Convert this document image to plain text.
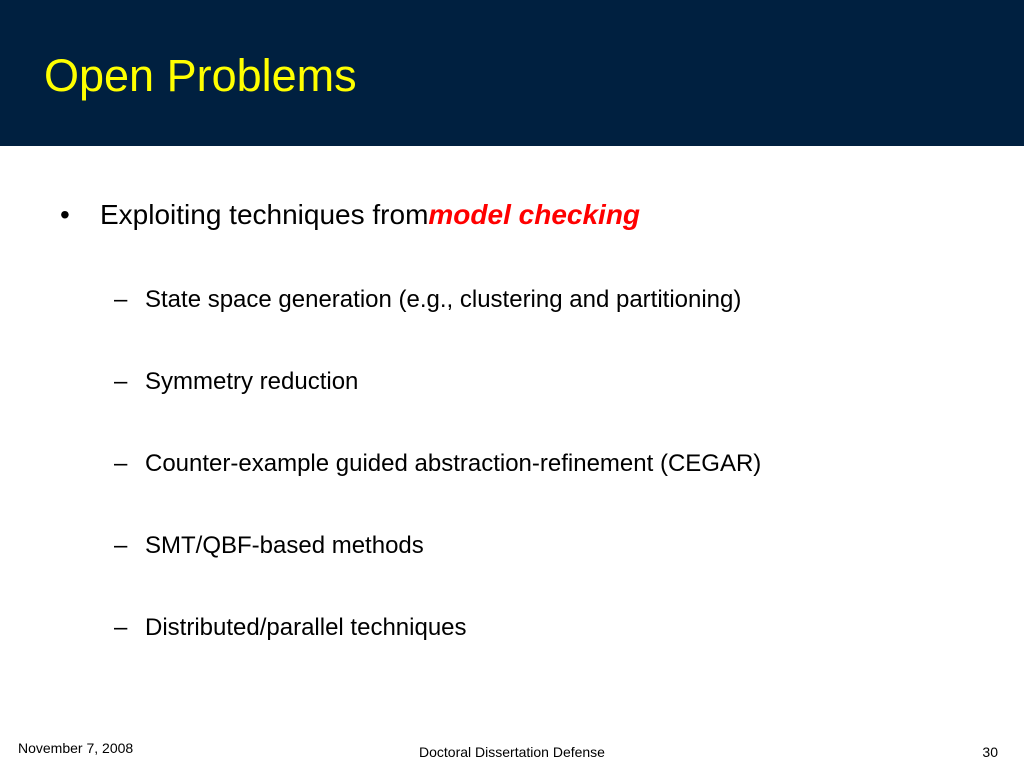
Open Problems
•	Exploiting techniques from model checking
– State space generation (e.g., clustering and partitioning)
– Symmetry reduction
– Counter-example guided abstraction-refinement (CEGAR)
– SMT/QBF-based methods
– Distributed/parallel techniques
November 7, 2008	Doctoral Dissertation Defense	30
